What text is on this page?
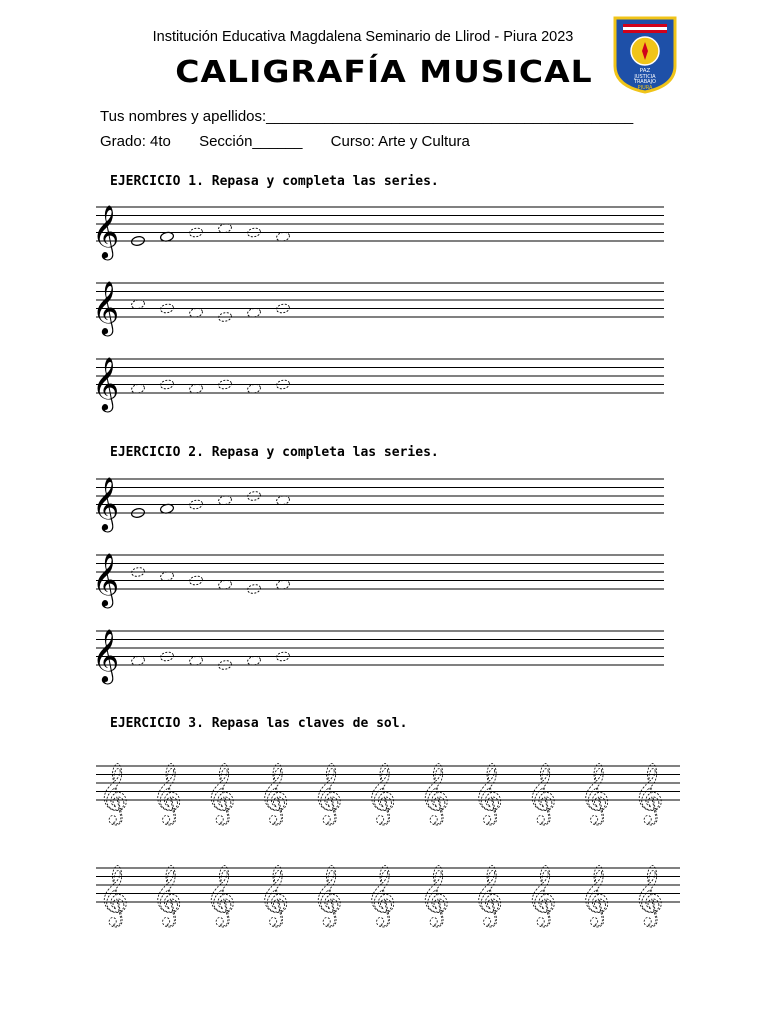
Institución Educativa Magdalena Seminario de Llirod - Piura 2023
CALIGRAFÍA MUSICAL	PAZ
JUSTICIA
TRABAJO
PIURA
Tus nombres y apellidos:____________________________________________
Grado: 4to Sección______ Curso: Arte y Cultura
EJERCICIO 1. Repasa y completa las series.
EJERCICIO 2. Repasa y completa las series.
EJERCICIO 3. Repasa las claves de sol.
𝄞
𝄞
𝄞
𝄞
𝄞
𝄞
𝄞 𝄞 𝄞 𝄞 𝄞 𝄞 𝄞 𝄞 𝄞 𝄞 𝄞
𝄞 𝄞 𝄞 𝄞 𝄞 𝄞 𝄞 𝄞 𝄞 𝄞 𝄞
